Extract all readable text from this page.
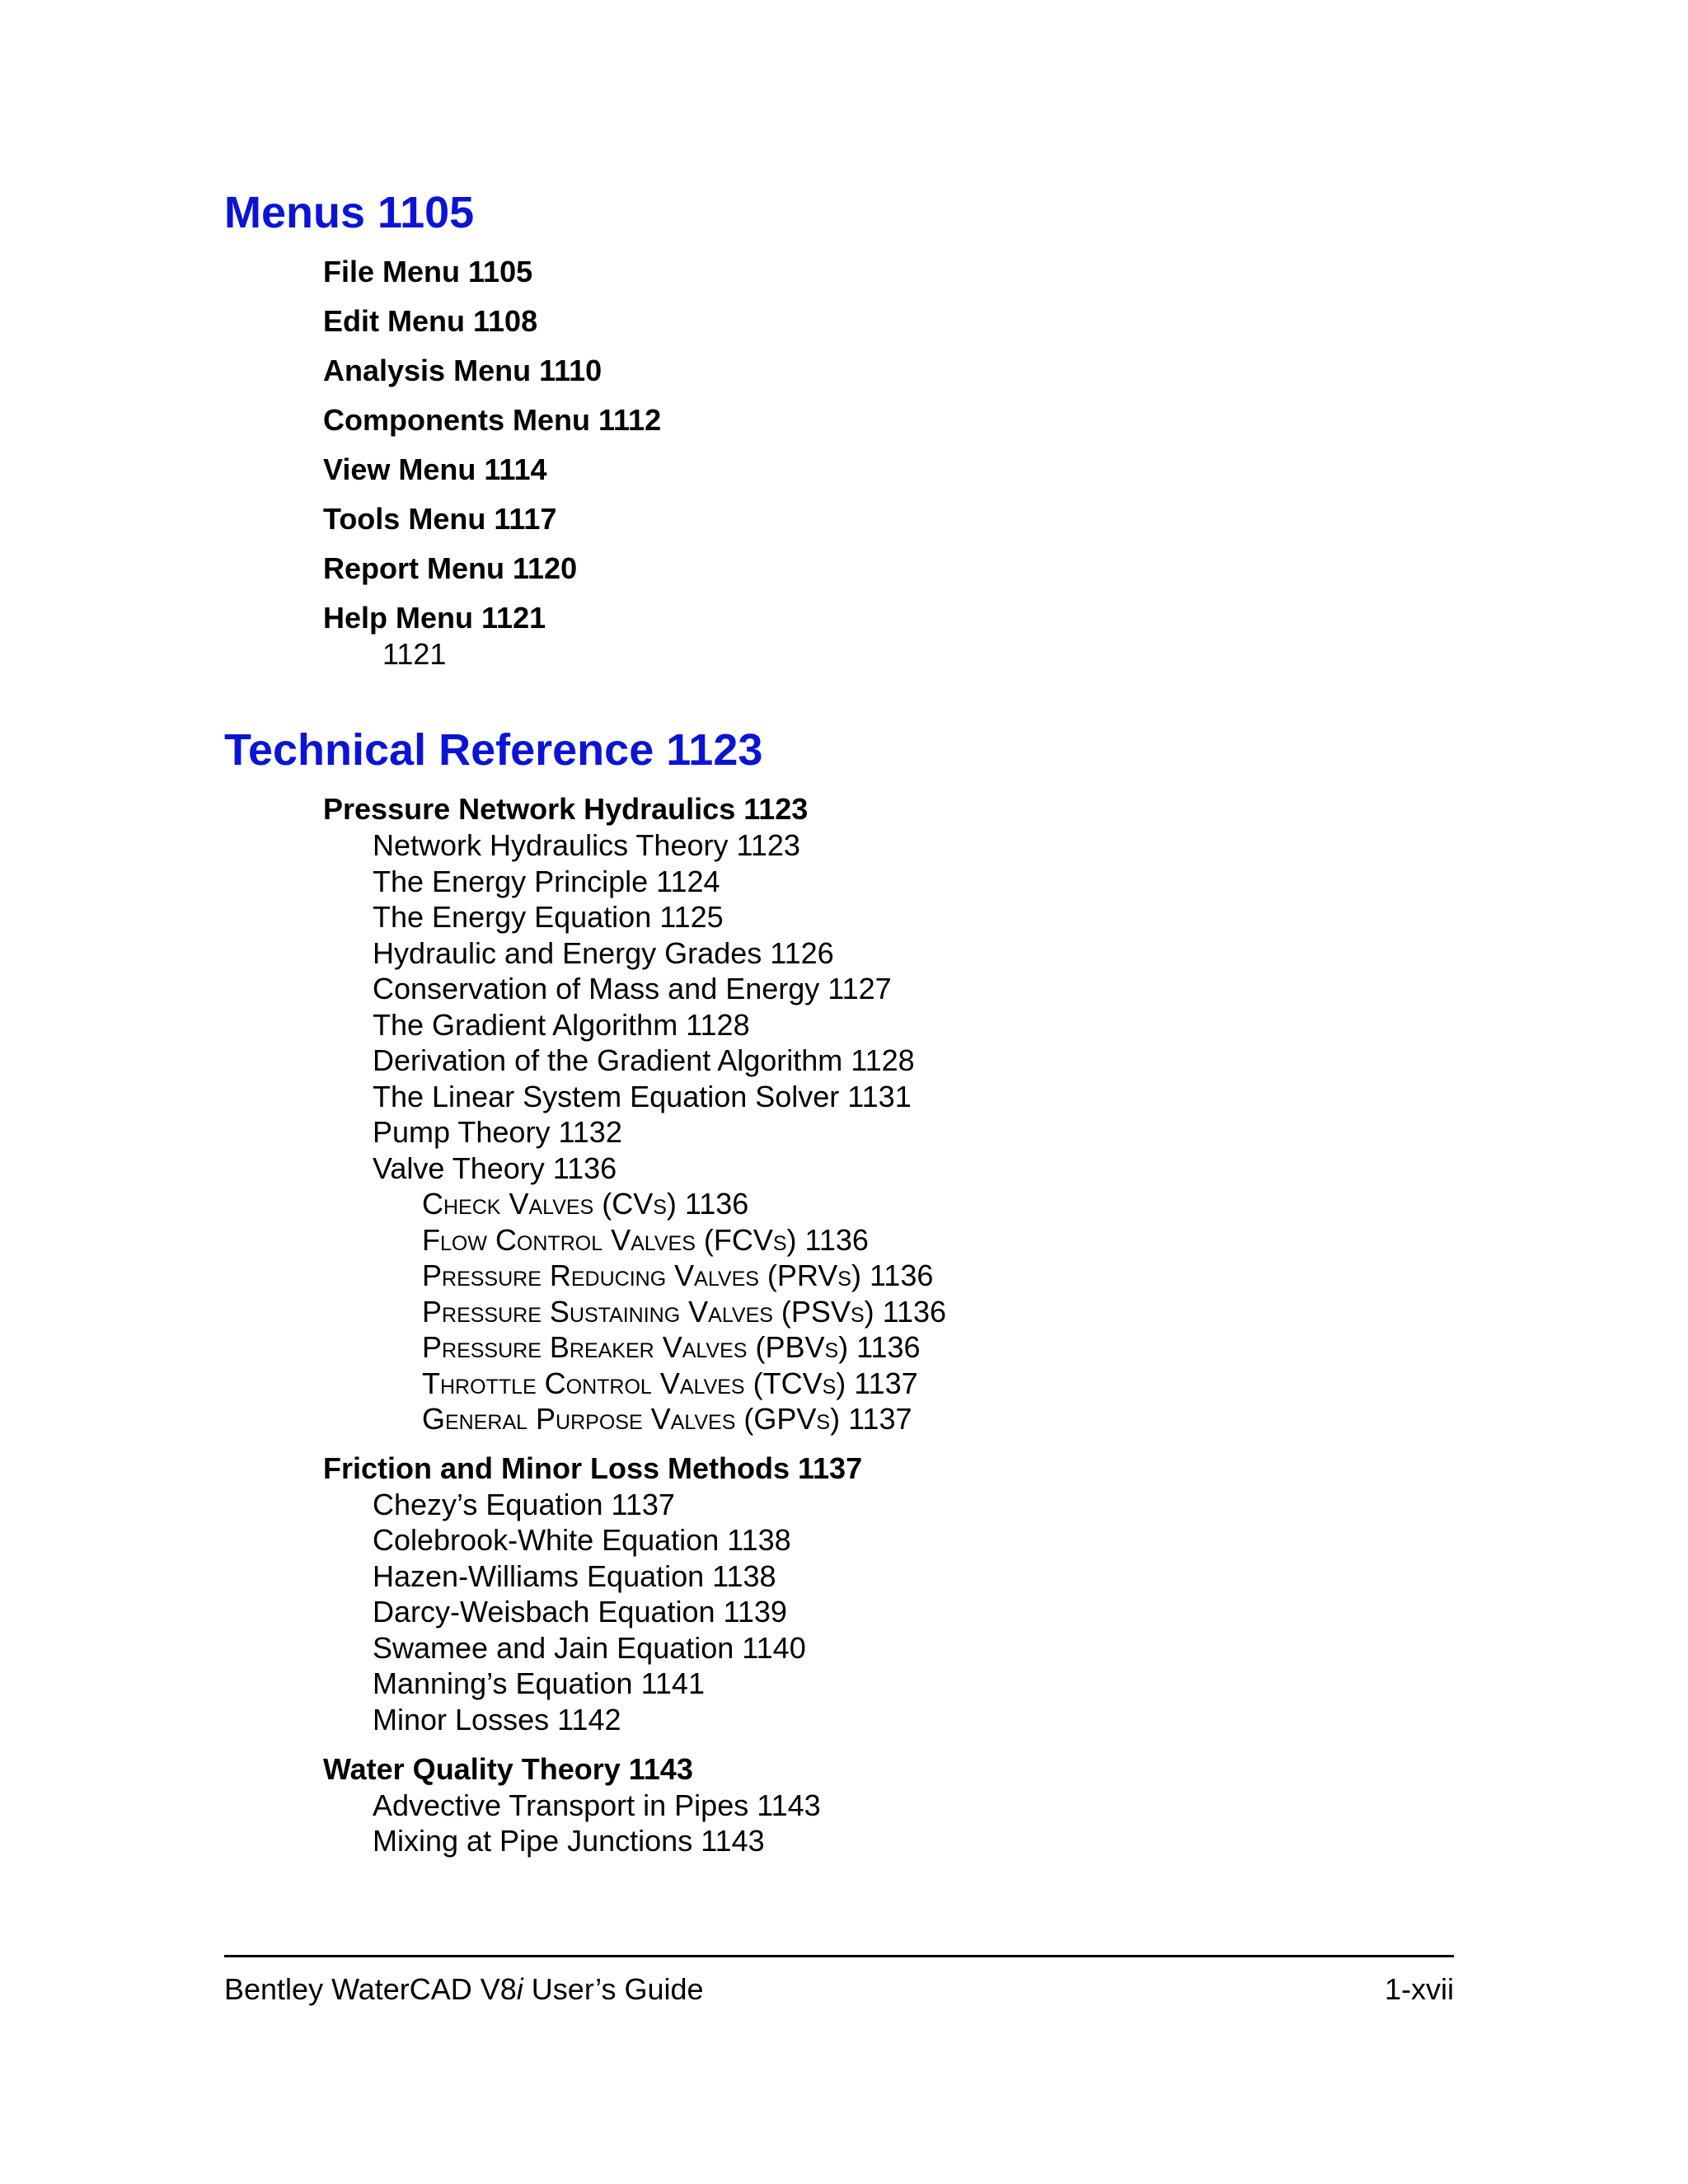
Menus 1105
File Menu 1105
Edit Menu 1108
Analysis Menu 1110
Components Menu 1112
View Menu 1114
Tools Menu 1117
Report Menu 1120
Help Menu 1121
1121
Technical Reference 1123
Pressure Network Hydraulics 1123
Network Hydraulics Theory 1123
The Energy Principle 1124
The Energy Equation 1125
Hydraulic and Energy Grades 1126
Conservation of Mass and Energy 1127
The Gradient Algorithm 1128
Derivation of the Gradient Algorithm 1128
The Linear System Equation Solver 1131
Pump Theory 1132
Valve Theory 1136
Check Valves (CVs) 1136
Flow Control Valves (FCVs) 1136
Pressure Reducing Valves (PRVs) 1136
Pressure Sustaining Valves (PSVs) 1136
Pressure Breaker Valves (PBVs) 1136
Throttle Control Valves (TCVs) 1137
General Purpose Valves (GPVs) 1137
Friction and Minor Loss Methods 1137
Chezy’s Equation 1137
Colebrook-White Equation 1138
Hazen-Williams Equation 1138
Darcy-Weisbach Equation 1139
Swamee and Jain Equation 1140
Manning’s Equation 1141
Minor Losses 1142
Water Quality Theory 1143
Advective Transport in Pipes 1143
Mixing at Pipe Junctions 1143
Bentley WaterCAD V8i User’s Guide	1-xvii
